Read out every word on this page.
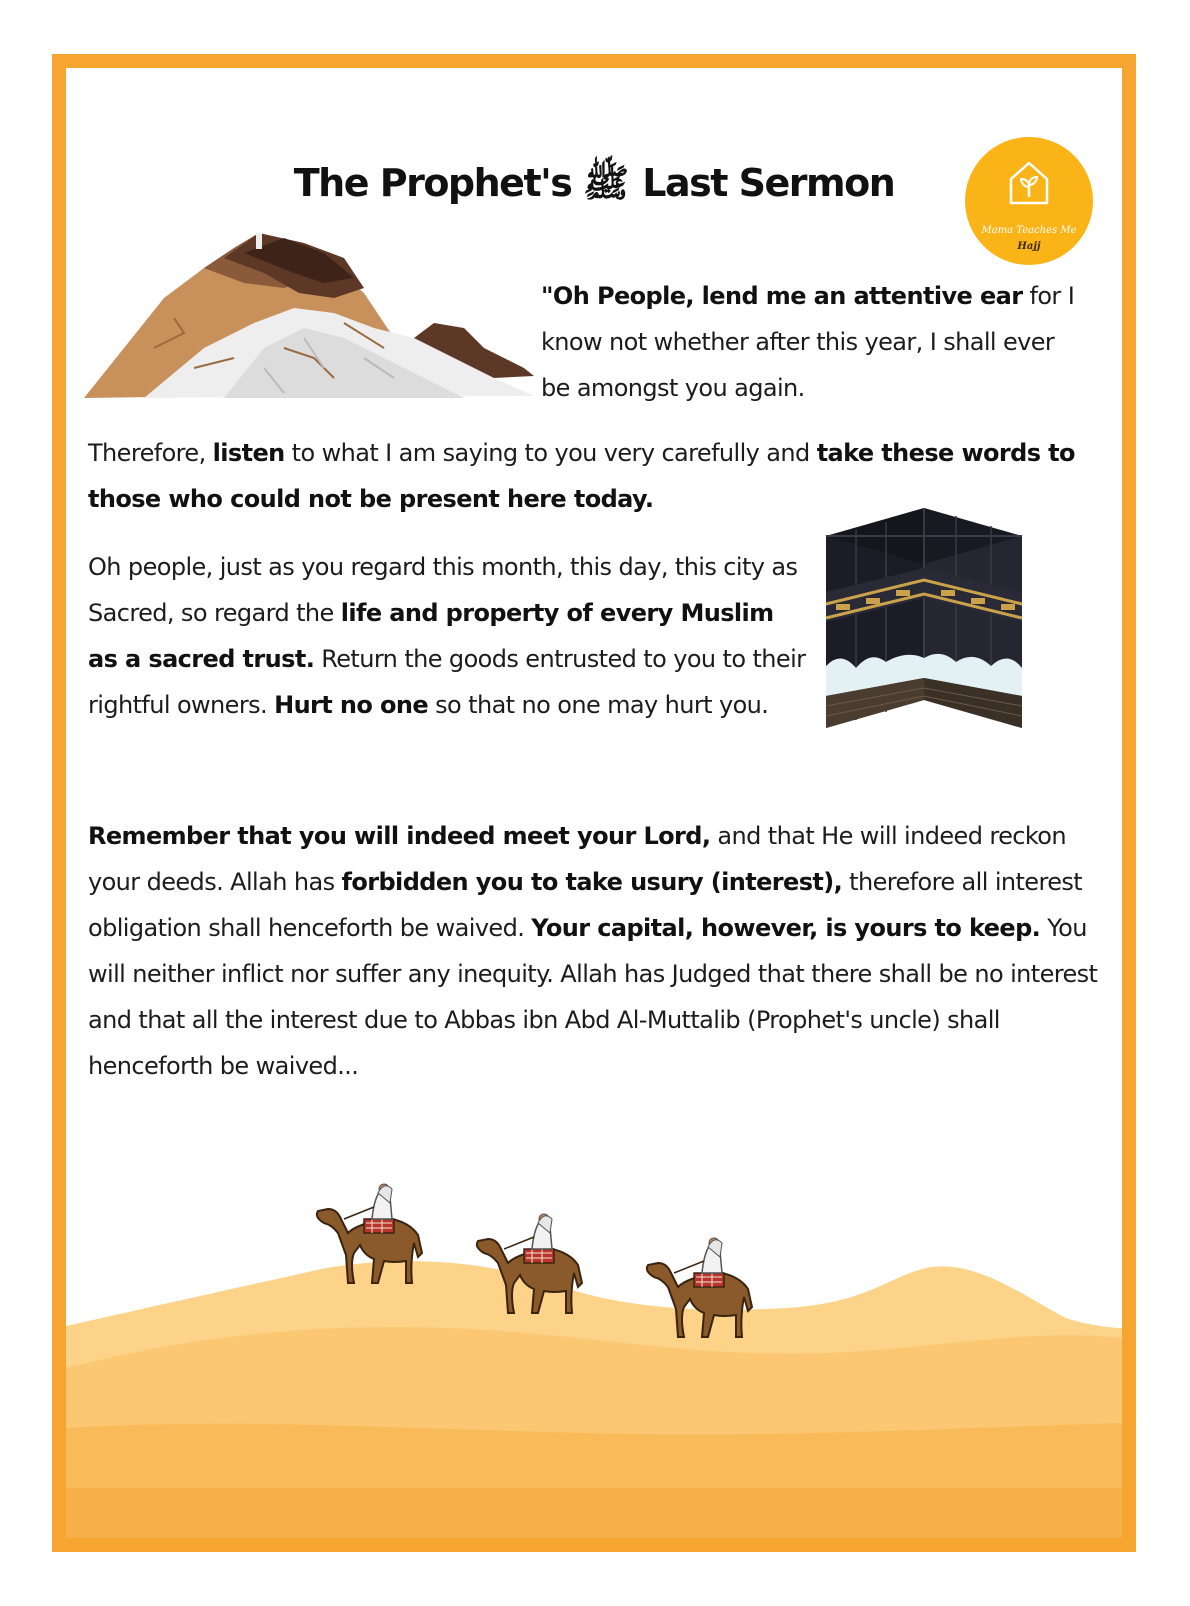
The Prophet's ﷺ Last Sermon
Mama Teaches Me
Hajj

"Oh People, lend me an attentive ear for I know not whether after this year, I shall ever be amongst you again.

Therefore, listen to what I am saying to you very carefully and take these words to those who could not be present here today.

Oh people, just as you regard this month, this day, this city as Sacred, so regard the life and property of every Muslim as a sacred trust. Return the goods entrusted to you to their rightful owners. Hurt no one so that no one may hurt you.

Remember that you will indeed meet your Lord, and that He will indeed reckon your deeds. Allah has forbidden you to take usury (interest), therefore all interest obligation shall henceforth be waived. Your capital, however, is yours to keep. You will neither inflict nor suffer any inequity. Allah has Judged that there shall be no interest and that all the interest due to Abbas ibn Abd Al-Muttalib (Prophet's uncle) shall henceforth be waived...
